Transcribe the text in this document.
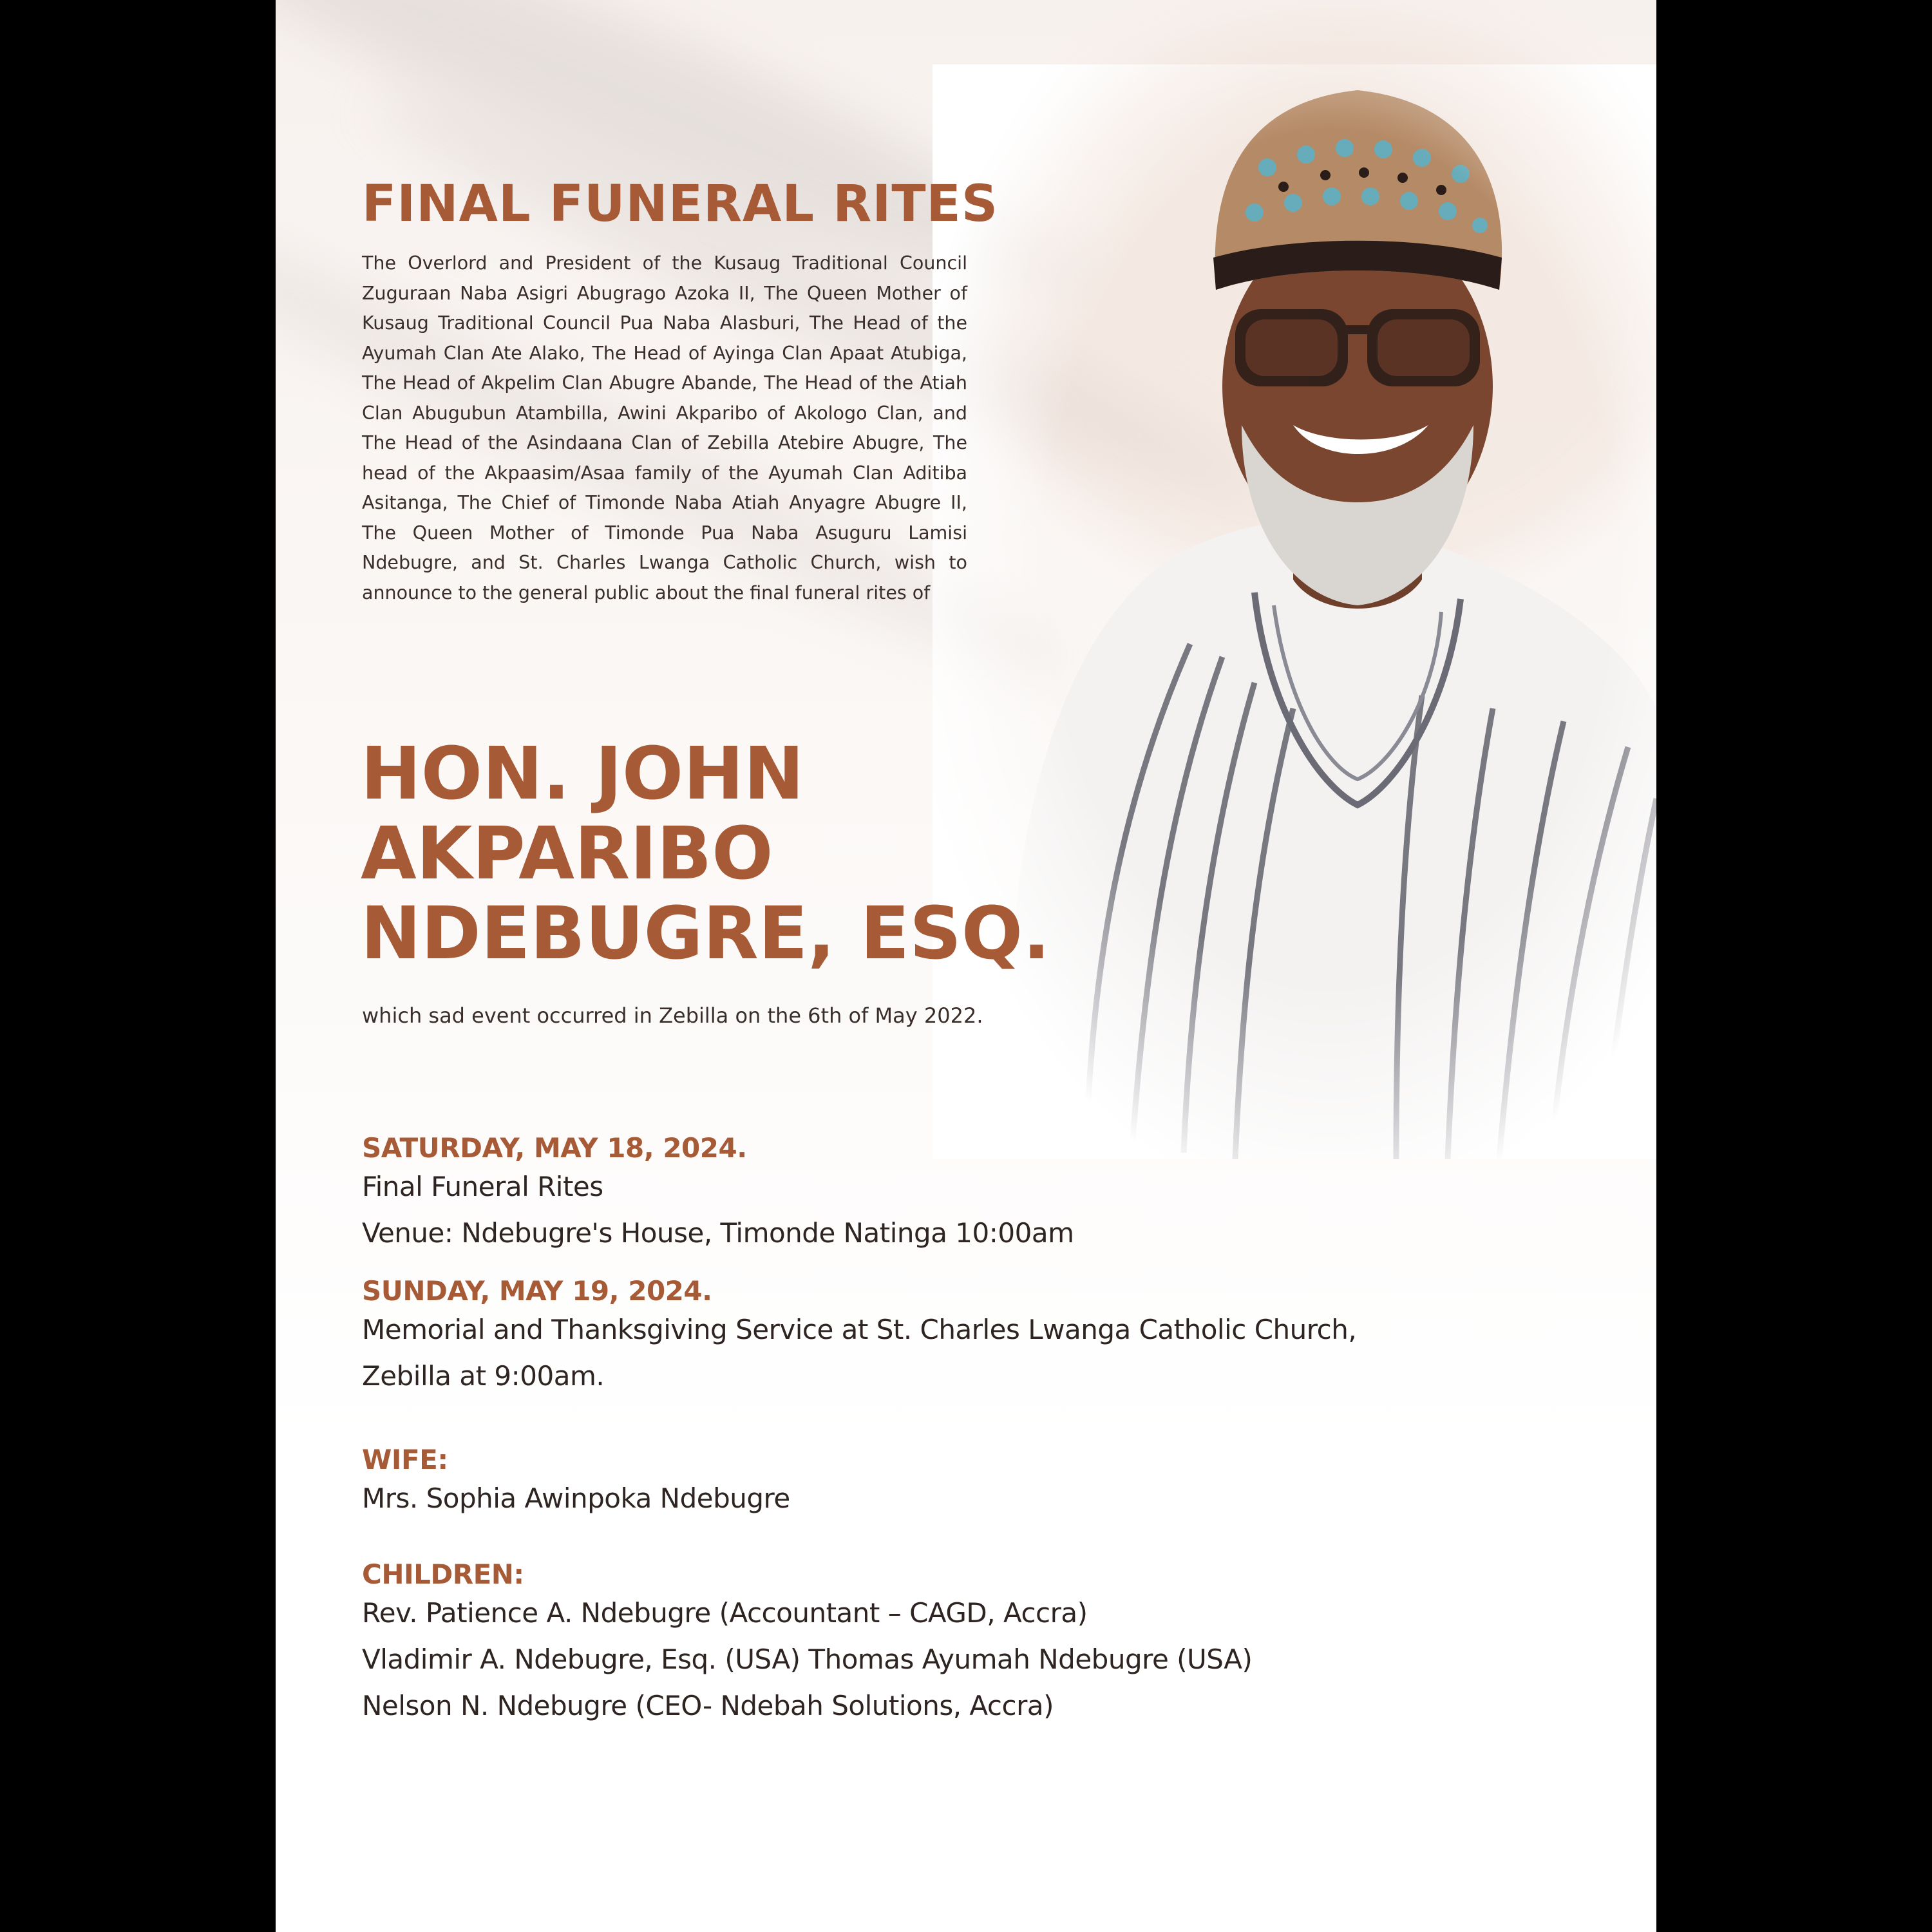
FINAL FUNERAL RITES

The Overlord and President of the Kusaug Traditional Council Zuguraan Naba Asigri Abugrago Azoka II, The Queen Mother of Kusaug Traditional Council Pua Naba Alasburi, The Head of the Ayumah Clan Ate Alako, The Head of Ayinga Clan Apaat Atubiga, The Head of Akpelim Clan Abugre Abande, The Head of the Atiah Clan Abugubun Atambilla, Awini Akparibo of Akologo Clan, and The Head of the Asindaana Clan of Zebilla Atebire Abugre, The head of the Akpaasim/Asaa family of the Ayumah Clan Aditiba Asitanga, The Chief of Timonde Naba Atiah Anyagre Abugre II, The Queen Mother of Timonde Pua Naba Asuguru Lamisi Ndebugre, and St. Charles Lwanga Catholic Church, wish to announce to the general public about the final funeral rites of

HON. JOHN
AKPARIBO
NDEBUGRE, ESQ.
which sad event occurred in Zebilla on the 6th of May 2022.
SATURDAY, MAY 18, 2024.
Final Funeral Rites
Venue: Ndebugre's House, Timonde Natinga 10:00am
SUNDAY, MAY 19, 2024.
Memorial and Thanksgiving Service at St. Charles Lwanga Catholic Church,
Zebilla at 9:00am.
WIFE:
Mrs. Sophia Awinpoka Ndebugre
CHILDREN:
Rev. Patience A. Ndebugre (Accountant – CAGD, Accra)
Vladimir A. Ndebugre, Esq. (USA) Thomas Ayumah Ndebugre (USA)
Nelson N. Ndebugre (CEO- Ndebah Solutions, Accra)
